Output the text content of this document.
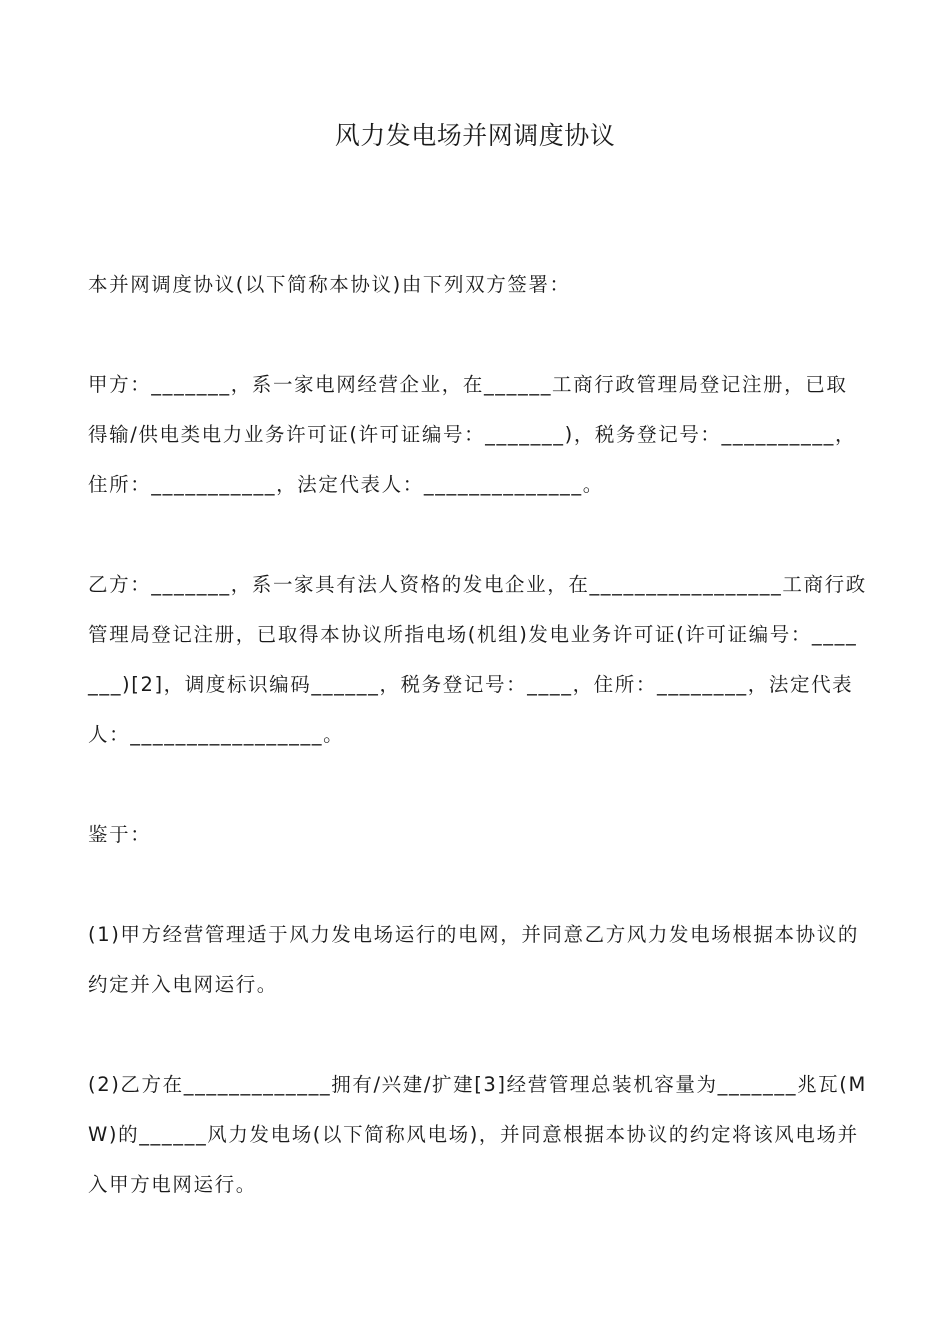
风力发电场并网调度协议

本并网调度协议(以下简称本协议)由下列双方签署：

甲方：_______，系一家电网经营企业，在______工商行政管理局登记注册，已取得输/供电类电力业务许可证(许可证编号：_______)，税务登记号：__________，住所：___________，法定代表人：______________。

乙方：_______，系一家具有法人资格的发电企业，在_________________工商行政管理局登记注册，已取得本协议所指电场(机组)发电业务许可证(许可证编号：_______)[2]，调度标识编码______，税务登记号：____，住所：________，法定代表人：_________________。

鉴于：

(1)甲方经营管理适于风力发电场运行的电网，并同意乙方风力发电场根据本协议的约定并入电网运行。

(2)乙方在_____________拥有/兴建/扩建[3]经营管理总装机容量为_______兆瓦(MW)的______风力发电场(以下简称风电场)，并同意根据本协议的约定将该风电场并入甲方电网运行。
